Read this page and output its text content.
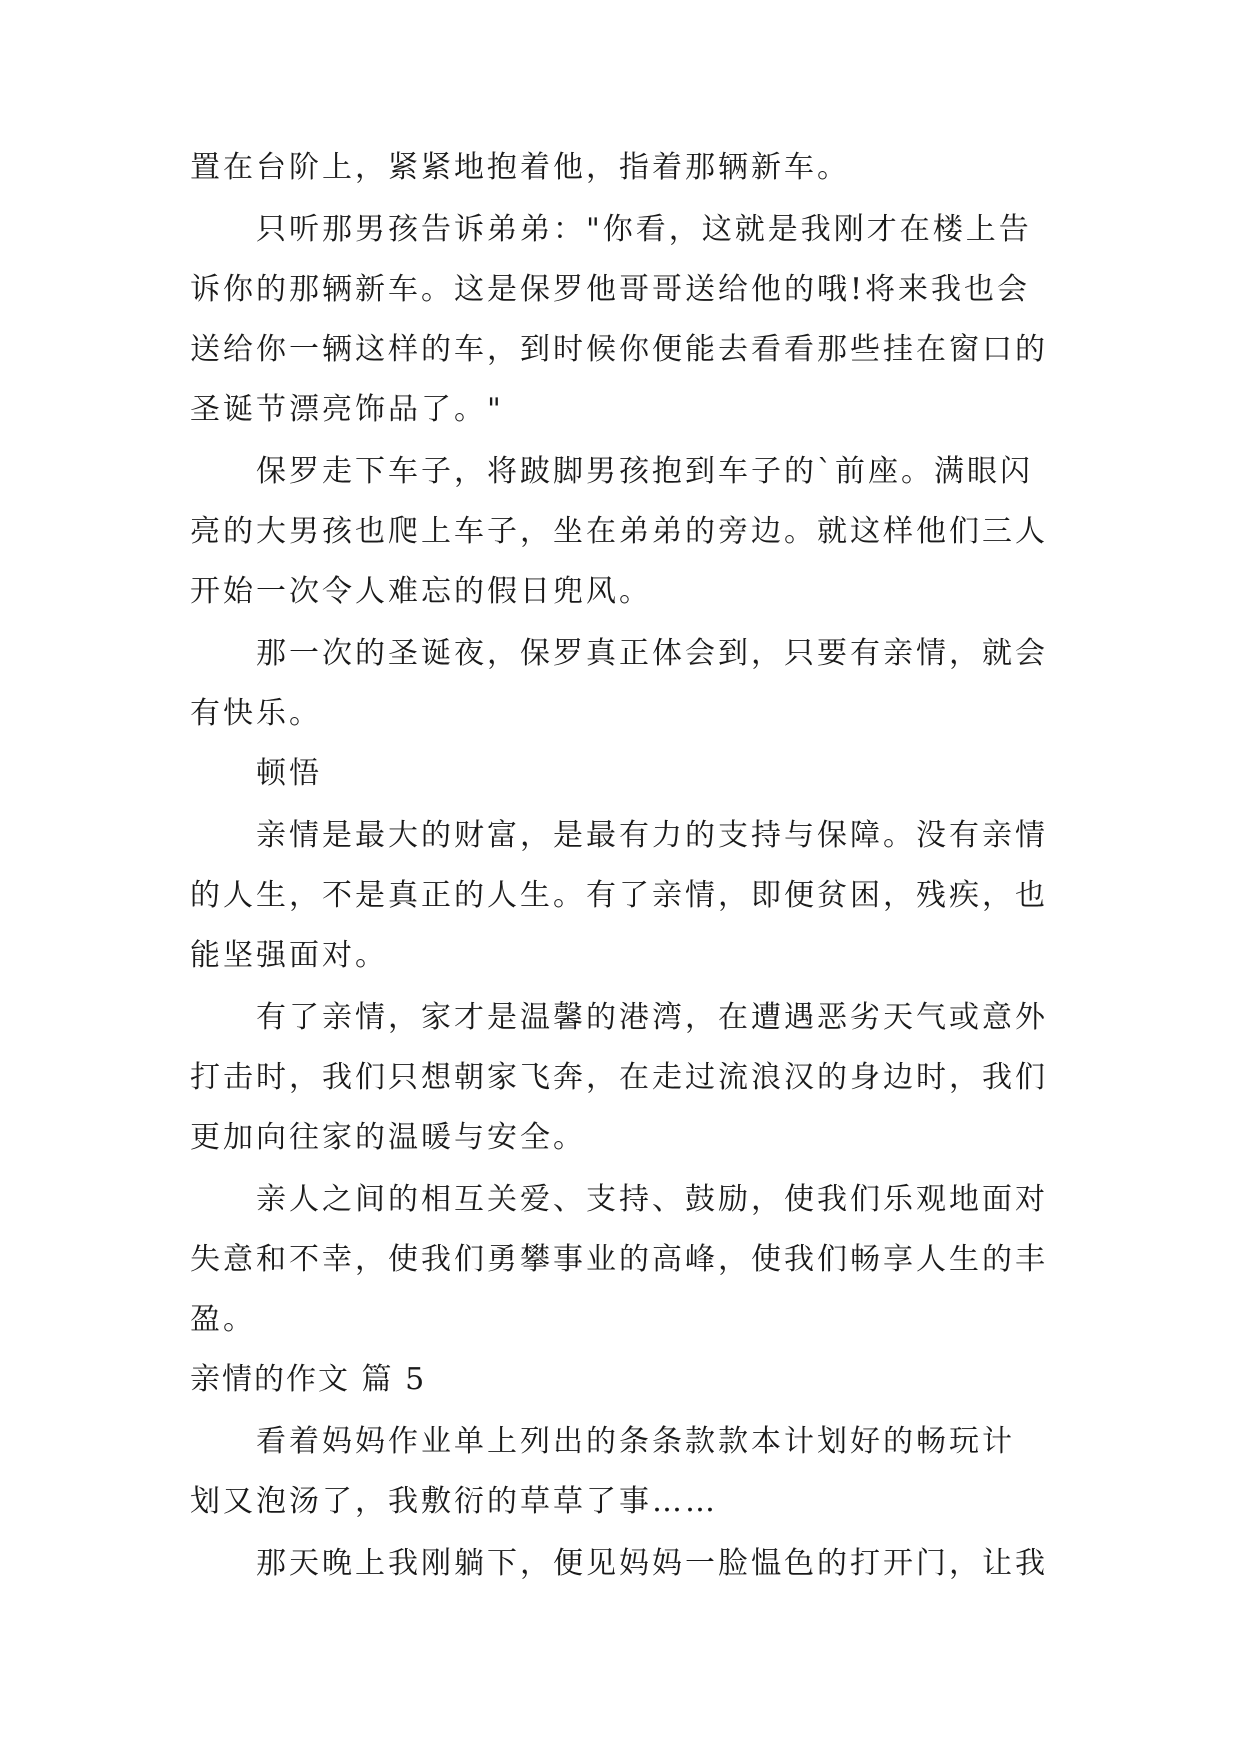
置在台阶上，紧紧地抱着他，指着那辆新车。
只听那男孩告诉弟弟："你看，这就是我刚才在楼上告
诉你的那辆新车。这是保罗他哥哥送给他的哦!将来我也会
送给你一辆这样的车，到时候你便能去看看那些挂在窗口的
圣诞节漂亮饰品了。"
保罗走下车子，将跛脚男孩抱到车子的`前座。满眼闪
亮的大男孩也爬上车子，坐在弟弟的旁边。就这样他们三人
开始一次令人难忘的假日兜风。
那一次的圣诞夜，保罗真正体会到，只要有亲情，就会
有快乐。
顿悟
亲情是最大的财富，是最有力的支持与保障。没有亲情
的人生，不是真正的人生。有了亲情，即便贫困，残疾，也
能坚强面对。
有了亲情，家才是温馨的港湾，在遭遇恶劣天气或意外
打击时，我们只想朝家飞奔，在走过流浪汉的身边时，我们
更加向往家的温暖与安全。
亲人之间的相互关爱、支持、鼓励，使我们乐观地面对
失意和不幸，使我们勇攀事业的高峰，使我们畅享人生的丰
盈。
亲情的作文 篇 5
看着妈妈作业单上列出的条条款款本计划好的畅玩计
划又泡汤了，我敷衍的草草了事……
那天晚上我刚躺下，便见妈妈一脸愠色的打开门，让我
